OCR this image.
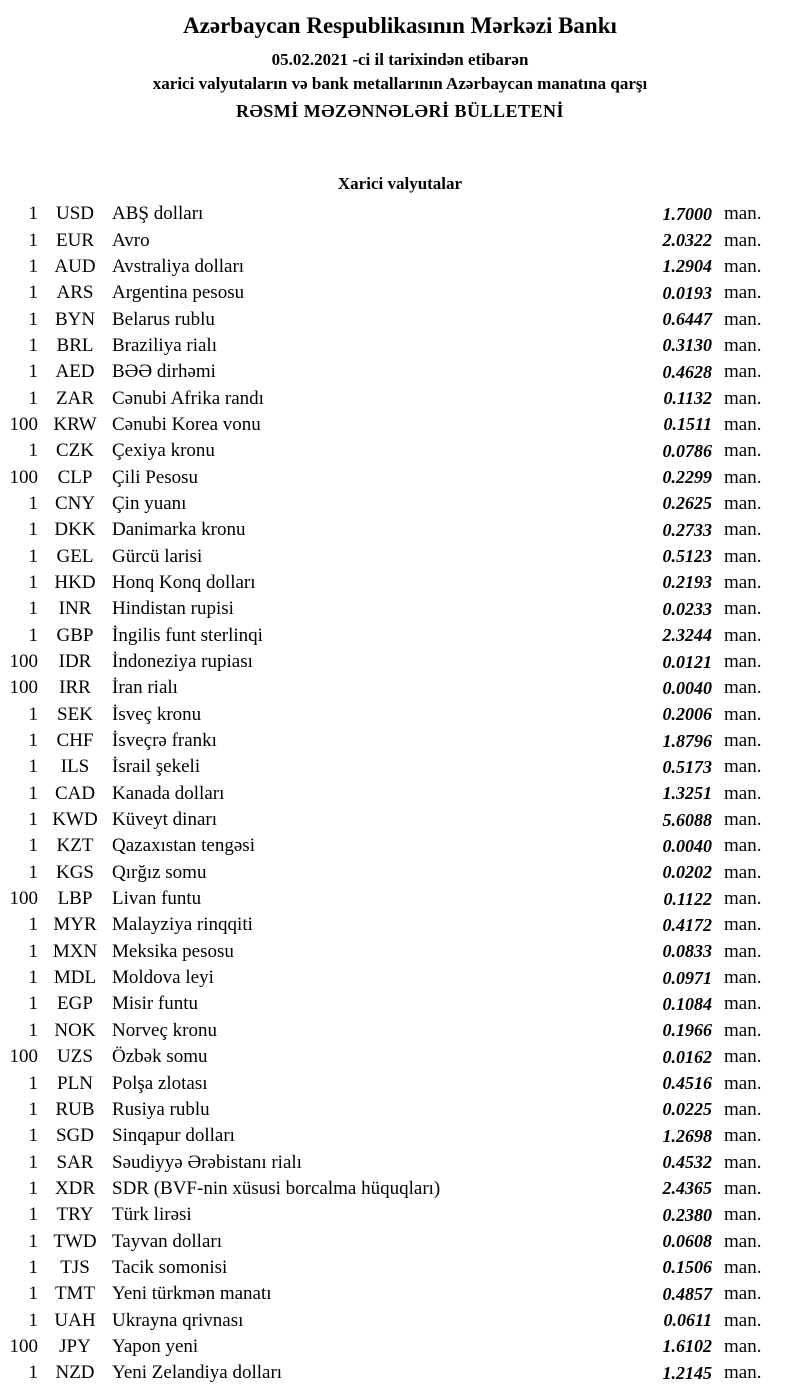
Azərbaycan Respublikasının Mərkəzi Bankı
05.02.2021 -ci il tarixindən etibarən
xarici valyutaların və bank metallarının Azərbaycan manatına qarşı
RƏSMİ MƏZƏNNƏLƏRİ BÜLLETENİ
Xarici valyutalar
1 USD ABŞ dolları	1.7000 man.
1 EUR Avro	2.0322 man.
1 AUD Avstraliya dolları	1.2904 man.
1 ARS Argentina pesosu	0.0193 man.
1 BYN Belarus rublu	0.6447 man.
1 BRL Braziliya rialı	0.3130 man.
1 AED BƏƏ dirhəmi	0.4628 man.
1 ZAR Cənubi Afrika randı	0.1132 man.
100 KRW Cənubi Korea vonu	0.1511 man.
1 CZK Çexiya kronu	0.0786 man.
100	CLP	Çili Pesosu	0.2299 man.
1 CNY Çin yuanı	0.2625 man.
1 DKK Danimarka kronu	0.2733 man.
1 GEL Gürcü larisi	0.5123 man.
1 HKD Honq Konq dolları	0.2193 man.
1	INR	Hindistan rupisi	0.0233 man.
1 GBP İngilis funt sterlinqi	2.3244 man.
100	IDR	İndoneziya rupiası	0.0121 man.
100	IRR	İran rialı	0.0040 man.
1	SEK	İsveç kronu	0.2006 man.
1 CHF İsveçrə frankı	1.8796 man.
1	ILS	İsrail şekeli	0.5173 man.
1 CAD Kanada dolları	1.3251 man.
1 KWD Küveyt dinarı	5.6088 man.
1 KZT Qazaxıstan tengəsi	0.0040 man.
1 KGS Qırğız somu	0.0202 man.
100	LBP	Livan funtu	0.1122 man.
1 MYR Malayziya rinqqiti	0.4172 man.
1 MXN Meksika pesosu	0.0833 man.
1 MDL Moldova leyi	0.0971 man.
1	EGP	Misir funtu	0.1084 man.
1 NOK Norveç kronu	0.1966 man.
100	UZS	Özbək somu	0.0162 man.
1	PLN	Polşa zlotası	0.4516 man.
1 RUB Rusiya rublu	0.0225 man.
1 SGD Sinqapur dolları	1.2698 man.
1 SAR Səudiyyə Ərəbistanı rialı	0.4532 man.
1 XDR SDR (BVF-nin xüsusi borcalma hüquqları)	2.4365 man.
1 TRY Türk lirəsi	0.2380 man.
1 TWD Tayvan dolları	0.0608 man.
1	TJS	Tacik somonisi	0.1506 man.
1 TMT Yeni türkmən manatı	0.4857 man.
1 UAH Ukrayna qrivnası	0.0611 man.
100	JPY	Yapon yeni	1.6102 man.
1 NZD Yeni Zelandiya dolları	1.2145 man.
